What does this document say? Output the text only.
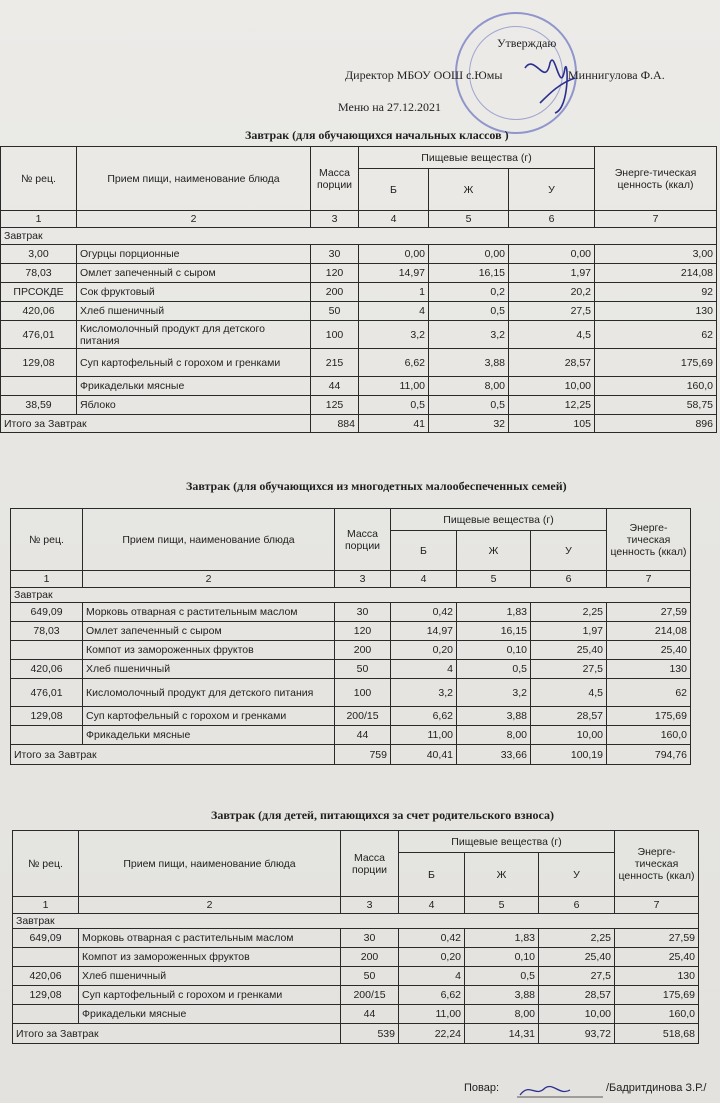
Утверждаю
Директор МБОУ ООШ с.Юмы	Миннигулова Ф.А.
Меню на 27.12.2021
Завтрак (для обучающихся начальных классов )
№ рец.	Прием пищи, наименование блюда	Масса порции	Пищевые вещества (г)			Энерге-тическая ценность (ккал)
			Б	Ж	У	
1	2	3	4	5	6	7
Завтрак						
3,00	Огурцы порционные	30	0,00	0,00	0,00	3,00
78,03	Омлет запеченный с сыром	120	14,97	16,15	1,97	214,08
ПРСОКДЕ	Сок фруктовый	200	1	0,2	20,2	92
420,06	Хлеб пшеничный	50	4	0,5	27,5	130
476,01	Кисломолочный продукт для детского питания	100	3,2	3,2	4,5	62
129,08	Суп картофельный с горохом и гренками	215	6,62	3,88	28,57	175,69
	Фрикадельки мясные	44	11,00	8,00	10,00	160,0
38,59	Яблоко	125	0,5	0,5	12,25	58,75
Итого за Завтрак		884	41	32	105	896
Завтрак (для обучающихся из многодетных малообеспеченных семей)
№ рец.	Прием пищи, наименование блюда	Масса порции	Пищевые вещества (г)			Энерге-тическая ценность (ккал)
			Б	Ж	У	
1	2	3	4	5	6	7
Завтрак						
649,09	Морковь отварная с растительным маслом	30	0,42	1,83	2,25	27,59
78,03	Омлет запеченный с сыром	120	14,97	16,15	1,97	214,08
	Компот из замороженных фруктов	200	0,20	0,10	25,40	25,40
420,06	Хлеб пшеничный	50	4	0,5	27,5	130
476,01	Кисломолочный продукт для детского питания	100	3,2	3,2	4,5	62
129,08	Суп картофельный с горохом и гренками	200/15	6,62	3,88	28,57	175,69
	Фрикадельки мясные	44	11,00	8,00	10,00	160,0
Итого за Завтрак		759	40,41	33,66	100,19	794,76
Завтрак (для детей, питающихся за счет родительского взноса)
№ рец.	Прием пищи, наименование блюда	Масса порции	Пищевые вещества (г)			Энерге-тическая ценность (ккал)
			Б	Ж	У	
1	2	3	4	5	6	7
Завтрак						
649,09	Морковь отварная с растительным маслом	30	0,42	1,83	2,25	27,59
	Компот из замороженных фруктов	200	0,20	0,10	25,40	25,40
420,06	Хлеб пшеничный	50	4	0,5	27,5	130
129,08	Суп картофельный с горохом и гренками	200/15	6,62	3,88	28,57	175,69
	Фрикадельки мясные	44	11,00	8,00	10,00	160,0
Итого за Завтрак		539	22,24	14,31	93,72	518,68
Повар:	/Бадритдинова З.Р./
